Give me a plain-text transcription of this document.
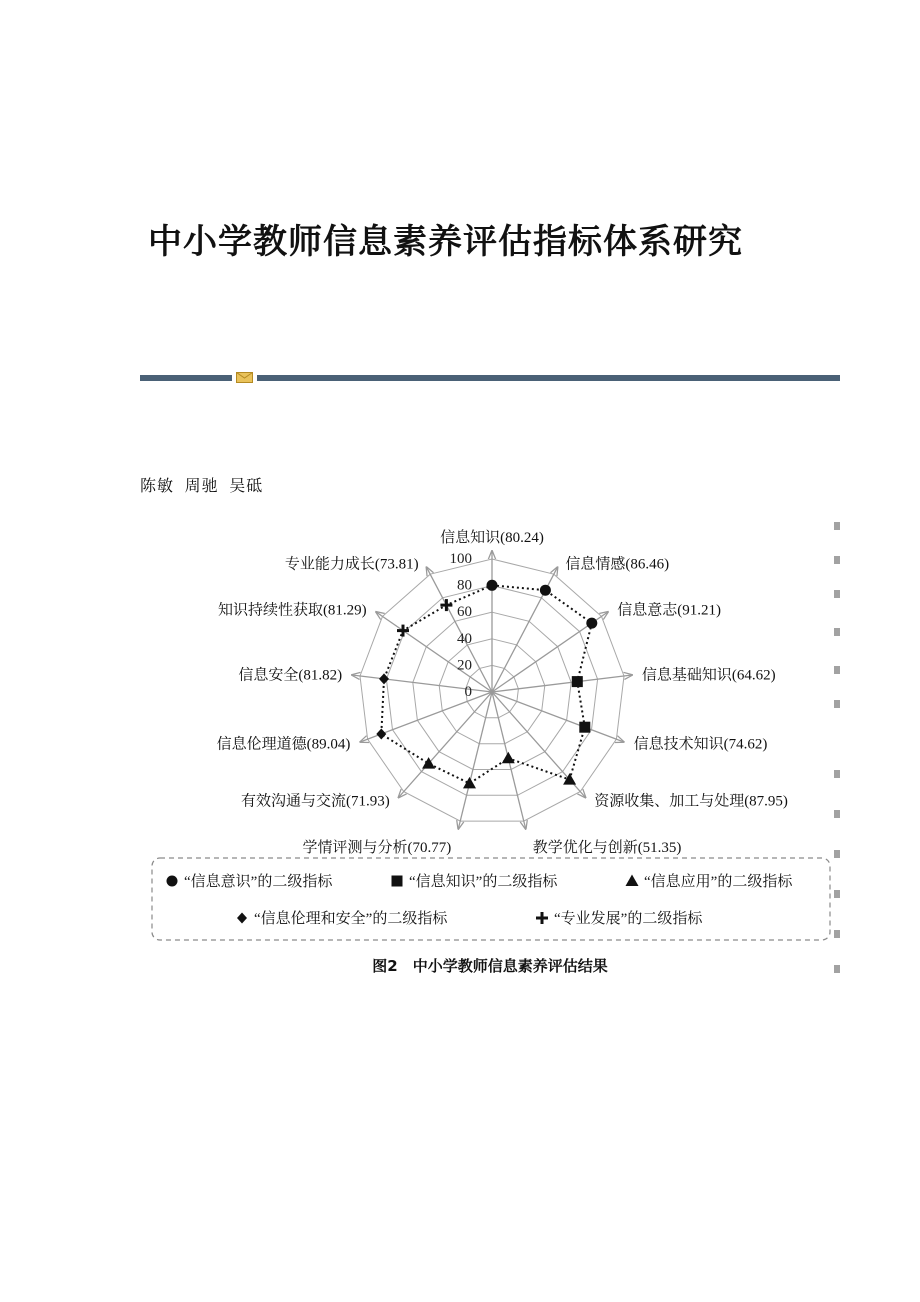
中小学教师信息素养评估指标体系研究
陈敏 周驰 吴砥
0
20
40
60
80
100
信息知识(80.24)
信息情感(86.46)
信息意志(91.21)
信息基础知识(64.62)
信息技术知识(74.62)
资源收集、加工与处理(87.95)
教学优化与创新(51.35)
学情评测与分析(70.77)
有效沟通与交流(71.93)
信息伦理道德(89.04)
信息安全(81.82)
知识持续性获取(81.29)
专业能力成长(73.81)
“信息意识”的二级指标	“信息知识”的二级指标	“信息应用”的二级指标
“信息伦理和安全”的二级指标	“专业发展”的二级指标
图2　中小学教师信息素养评估结果
